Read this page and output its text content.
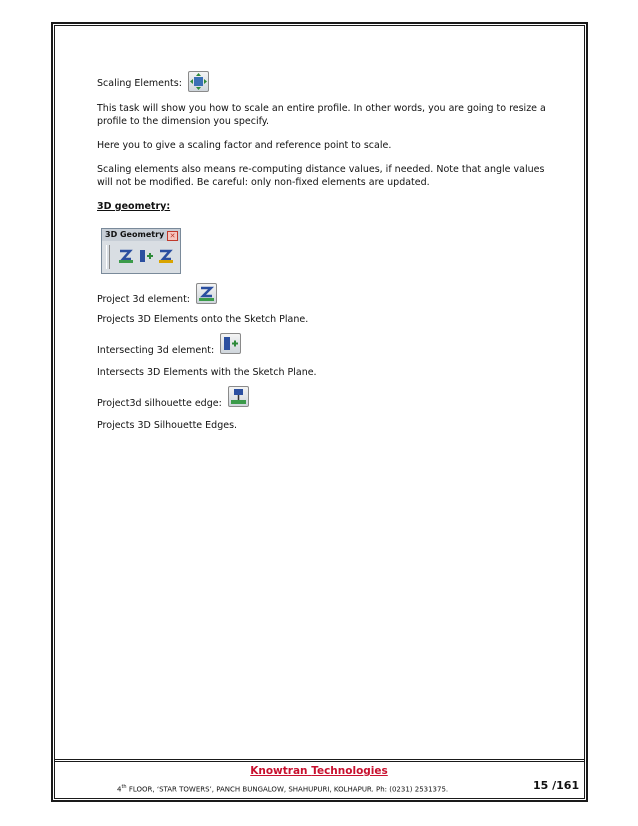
Scaling Elements:

This task will show you how to scale an entire profile. In other words, you are going to resize a profile to the dimension you specify.

Here you to give a scaling factor and reference point to scale.

Scaling elements also means re-computing distance values, if needed. Note that angle values will not be modified. Be careful: only non-fixed elements are updated.

3D geometry:

3D Geometry ✕
Project 3d element:

Projects 3D Elements onto the Sketch Plane.

Intersecting 3d element:

Intersects 3D Elements with the Sketch Plane.

Project3d silhouette edge:

Projects 3D Silhouette Edges.

Knowtran Technologies
4th FLOOR, ‘STAR TOWERS’, PANCH BUNGALOW, SHAHUPURI, KOLHAPUR. Ph: (0231) 2531375.	15 /161
